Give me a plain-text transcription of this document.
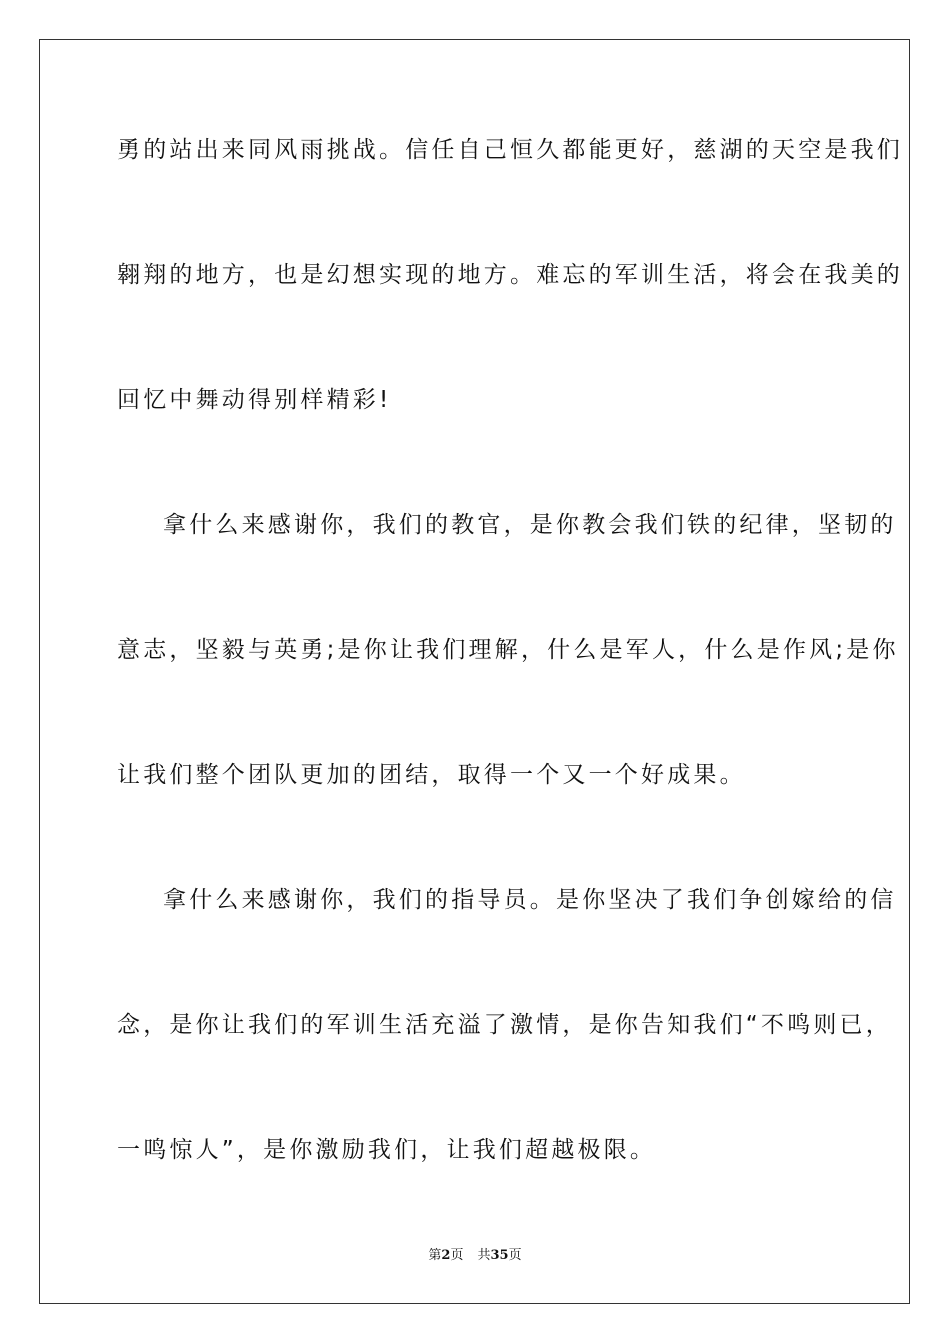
勇的站出来同风雨挑战。信任自己恒久都能更好，慈湖的天空是我们
翱翔的地方，也是幻想实现的地方。难忘的军训生活，将会在我美的
回忆中舞动得别样精彩!
拿什么来感谢你，我们的教官，是你教会我们铁的纪律，坚韧的
意志，坚毅与英勇;是你让我们理解，什么是军人，什么是作风;是你
让我们整个团队更加的团结，取得一个又一个好成果。
拿什么来感谢你，我们的指导员。是你坚决了我们争创嫁给的信
念，是你让我们的军训生活充溢了激情，是你告知我们“不鸣则已，
一鸣惊人”，是你激励我们，让我们超越极限。
第2页 共35页
